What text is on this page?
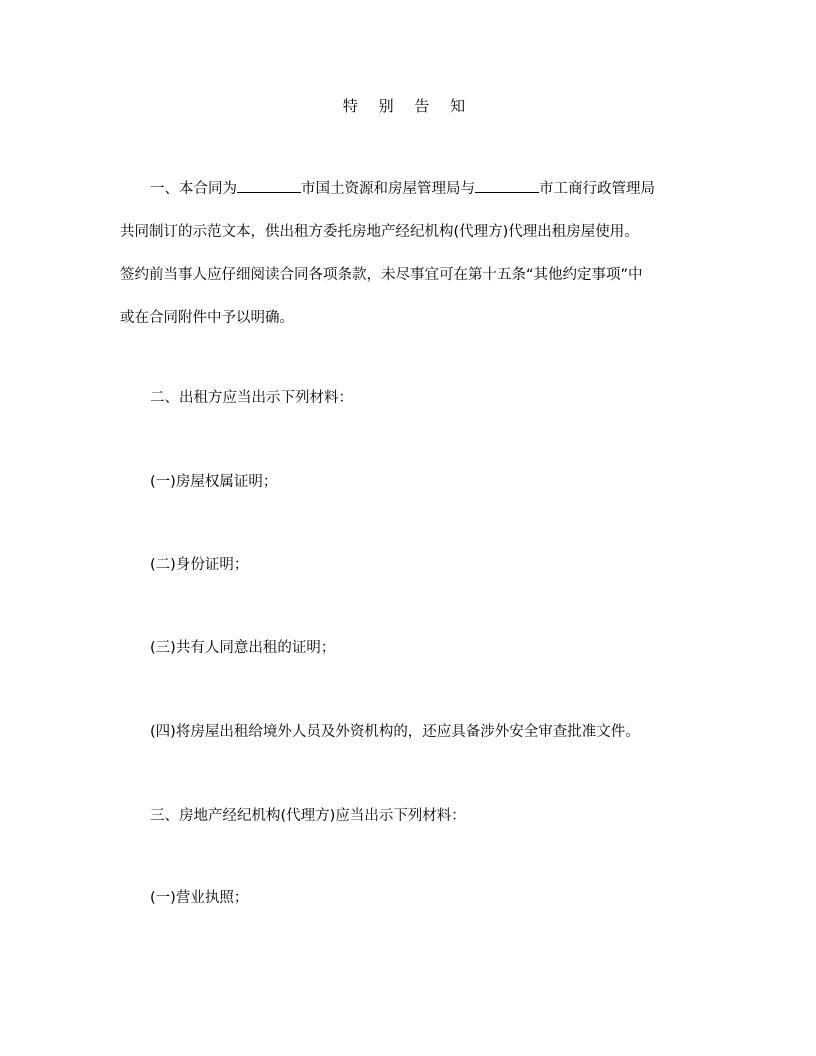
特 别 告 知
一、本合同为	市国土资源和房屋管理局与	市工商行政管理局
共同制订的示范文本，供出租方委托房地产经纪机构(代理方)代理出租房屋使用。
签约前当事人应仔细阅读合同各项条款，未尽事宜可在第十五条“其他约定事项”中
或在合同附件中予以明确。
二、出租方应当出示下列材料：
(一)房屋权属证明；
(二)身份证明；
(三)共有人同意出租的证明；
(四)将房屋出租给境外人员及外资机构的，还应具备涉外安全审查批准文件。
三、房地产经纪机构(代理方)应当出示下列材料：
(一)营业执照；
